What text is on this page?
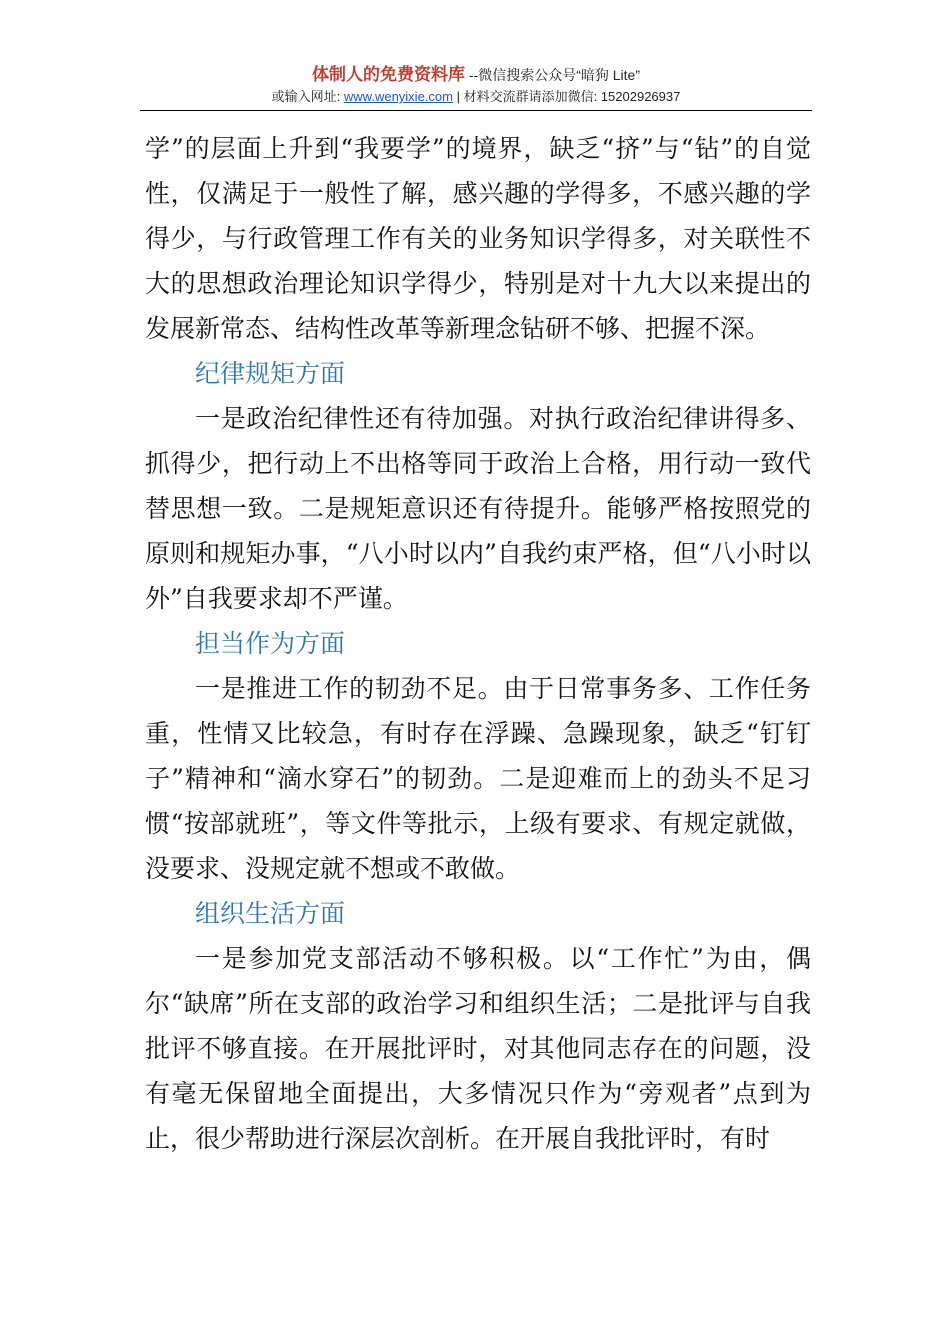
体制人的免费资料库 --微信搜索公众号“暗狗 Lite”
或输入网址: www.wenyixie.com | 材料交流群请添加微信: 15202926937

学”的层面上升到“我要学”的境界，缺乏“挤”与“钻”的自觉性，仅满足于一般性了解，感兴趣的学得多，不感兴趣的学得少，与行政管理工作有关的业务知识学得多，对关联性不大的思想政治理论知识学得少，特别是对十九大以来提出的发展新常态、结构性改革等新理念钻研不够、把握不深。

纪律规矩方面

一是政治纪律性还有待加强。对执行政治纪律讲得多、抓得少，把行动上不出格等同于政治上合格，用行动一致代替思想一致。二是规矩意识还有待提升。能够严格按照党的原则和规矩办事，“八小时以内”自我约束严格，但“八小时以外”自我要求却不严谨。

担当作为方面

一是推进工作的韧劲不足。由于日常事务多、工作任务重，性情又比较急，有时存在浮躁、急躁现象，缺乏“钉钉子”精神和“滴水穿石”的韧劲。二是迎难而上的劲头不足习惯“按部就班”，等文件等批示，上级有要求、有规定就做，没要求、没规定就不想或不敢做。

组织生活方面

一是参加党支部活动不够积极。以“工作忙”为由，偶尔“缺席”所在支部的政治学习和组织生活；二是批评与自我批评不够直接。在开展批评时，对其他同志存在的问题，没有毫无保留地全面提出，大多情况只作为“旁观者”点到为止，很少帮助进行深层次剖析。在开展自我批评时，有时
